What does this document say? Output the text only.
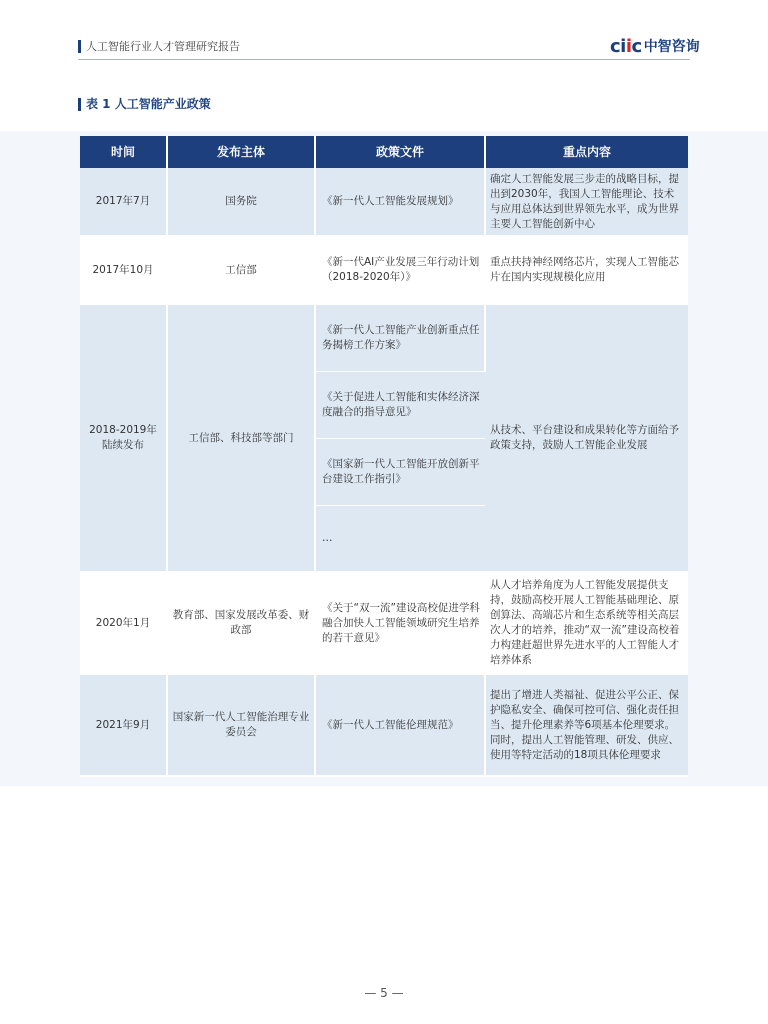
人工智能行业人才管理研究报告	ciic 中智咨询
表 1 人工智能产业政策
时间	发布主体	政策文件	重点内容
2017年7月	国务院	《新一代人工智能发展规划》	确定人工智能发展三步走的战略目标，提出到2030年，我国人工智能理论、技术与应用总体达到世界领先水平，成为世界主要人工智能创新中心
2017年10月	工信部	《新一代AI产业发展三年行动计划（2018-2020年）》	重点扶持神经网络芯片，实现人工智能芯片在国内实现规模化应用
2018-2019年陆续发布	工信部、科技部等部门	《新一代人工智能产业创新重点任务揭榜工作方案》	从技术、平台建设和成果转化等方面给予政策支持，鼓励人工智能企业发展
		《关于促进人工智能和实体经济深度融合的指导意见》	
		《国家新一代人工智能开放创新平台建设工作指引》	
		…	
2020年1月	教育部、国家发展改革委、财政部	《关于“双一流”建设高校促进学科融合加快人工智能领域研究生培养的若干意见》	从人才培养角度为人工智能发展提供支持，鼓励高校开展人工智能基础理论、原创算法、高端芯片和生态系统等相关高层次人才的培养，推动“双一流”建设高校着力构建赶超世界先进水平的人工智能人才培养体系
2021年9月	国家新一代人工智能治理专业委员会	《新一代人工智能伦理规范》	提出了增进人类福祉、促进公平公正、保护隐私安全、确保可控可信、强化责任担当、提升伦理素养等6项基本伦理要求。同时，提出人工智能管理、研发、供应、使用等特定活动的18项具体伦理要求
— 5 —
